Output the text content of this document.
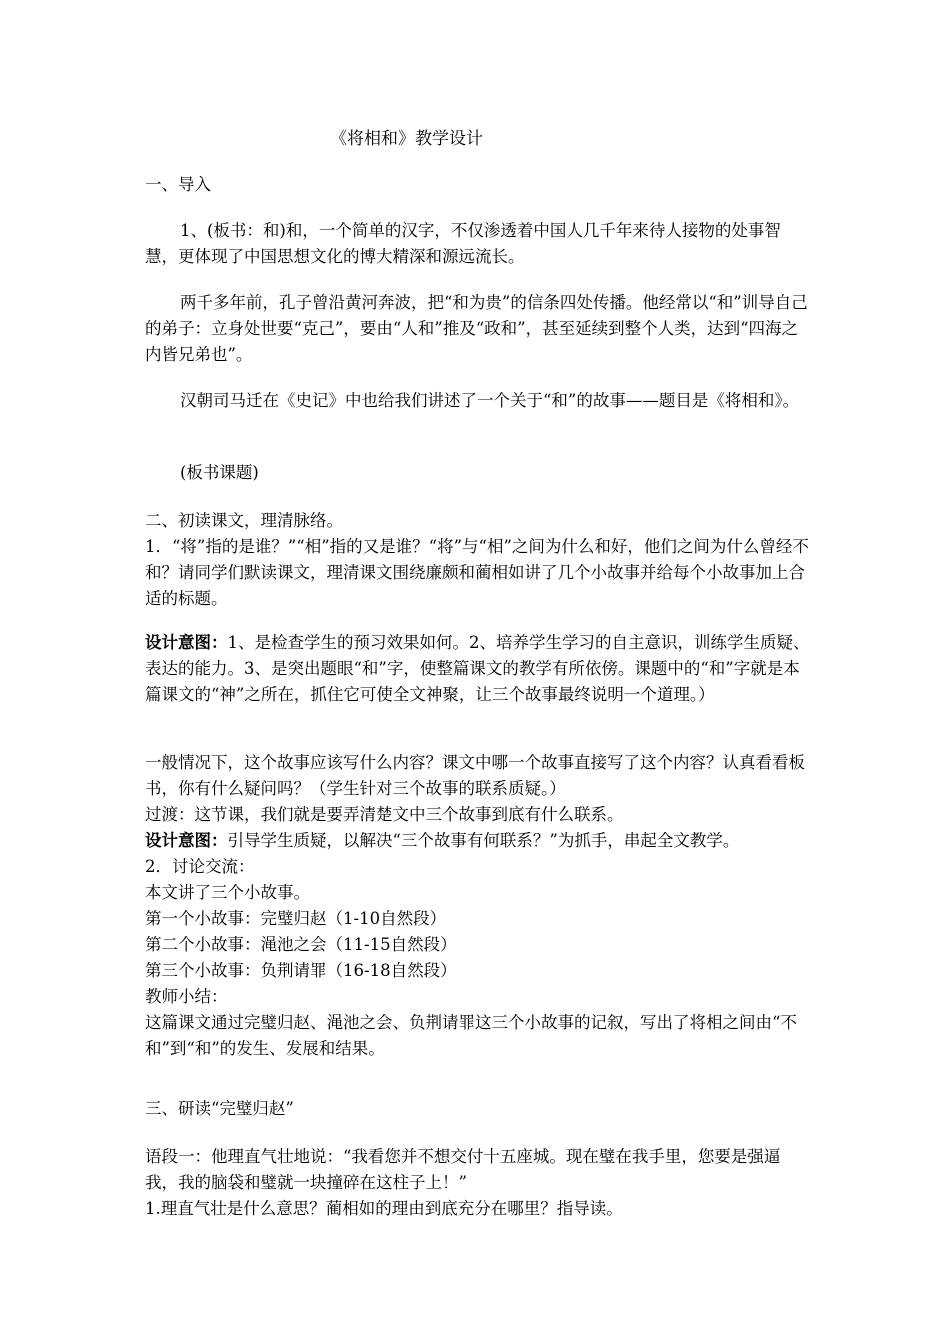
《将相和》教学设计
一、导入

1、(板书：和)和，一个简单的汉字，不仅渗透着中国人几千年来待人接物的处事智慧，更体现了中国思想文化的博大精深和源远流长。

两千多年前，孔子曾沿黄河奔波，把“和为贵”的信条四处传播。他经常以“和”训导自己的弟子：立身处世要“克己”，要由“人和”推及“政和”，甚至延续到整个人类，达到“四海之内皆兄弟也”。

汉朝司马迁在《史记》中也给我们讲述了一个关于“和”的故事——题目是《将相和》。

(板书课题)

二、初读课文，理清脉络。

1．“将”指的是谁？”“相”指的又是谁？“将”与“相”之间为什么和好，他们之间为什么曾经不和？请同学们默读课文，理清课文围绕廉颇和蔺相如讲了几个小故事并给每个小故事加上合适的标题。

设计意图：1、是检查学生的预习效果如何。2、培养学生学习的自主意识，训练学生质疑、表达的能力。3、是突出题眼“和”字，使整篇课文的教学有所依傍。课题中的“和”字就是本篇课文的“神”之所在，抓住它可使全文神聚，让三个故事最终说明一个道理。）

一般情况下，这个故事应该写什么内容？课文中哪一个故事直接写了这个内容？认真看看板书，你有什么疑问吗？（学生针对三个故事的联系质疑。）

过渡：这节课，我们就是要弄清楚文中三个故事到底有什么联系。

设计意图：引导学生质疑，以解决“三个故事有何联系？”为抓手，串起全文教学。

2．讨论交流：

本文讲了三个小故事。

第一个小故事：完璧归赵（1-10自然段）

第二个小故事：渑池之会（11-15自然段）

第三个小故事：负荆请罪（16-18自然段）

教师小结：

这篇课文通过完璧归赵、渑池之会、负荆请罪这三个小故事的记叙，写出了将相之间由“不和”到“和”的发生、发展和结果。

三、研读“完璧归赵”

语段一：他理直气壮地说：“我看您并不想交付十五座城。现在璧在我手里，您要是强逼我，我的脑袋和璧就一块撞碎在这柱子上！”

1.理直气壮是什么意思？蔺相如的理由到底充分在哪里？指导读。
